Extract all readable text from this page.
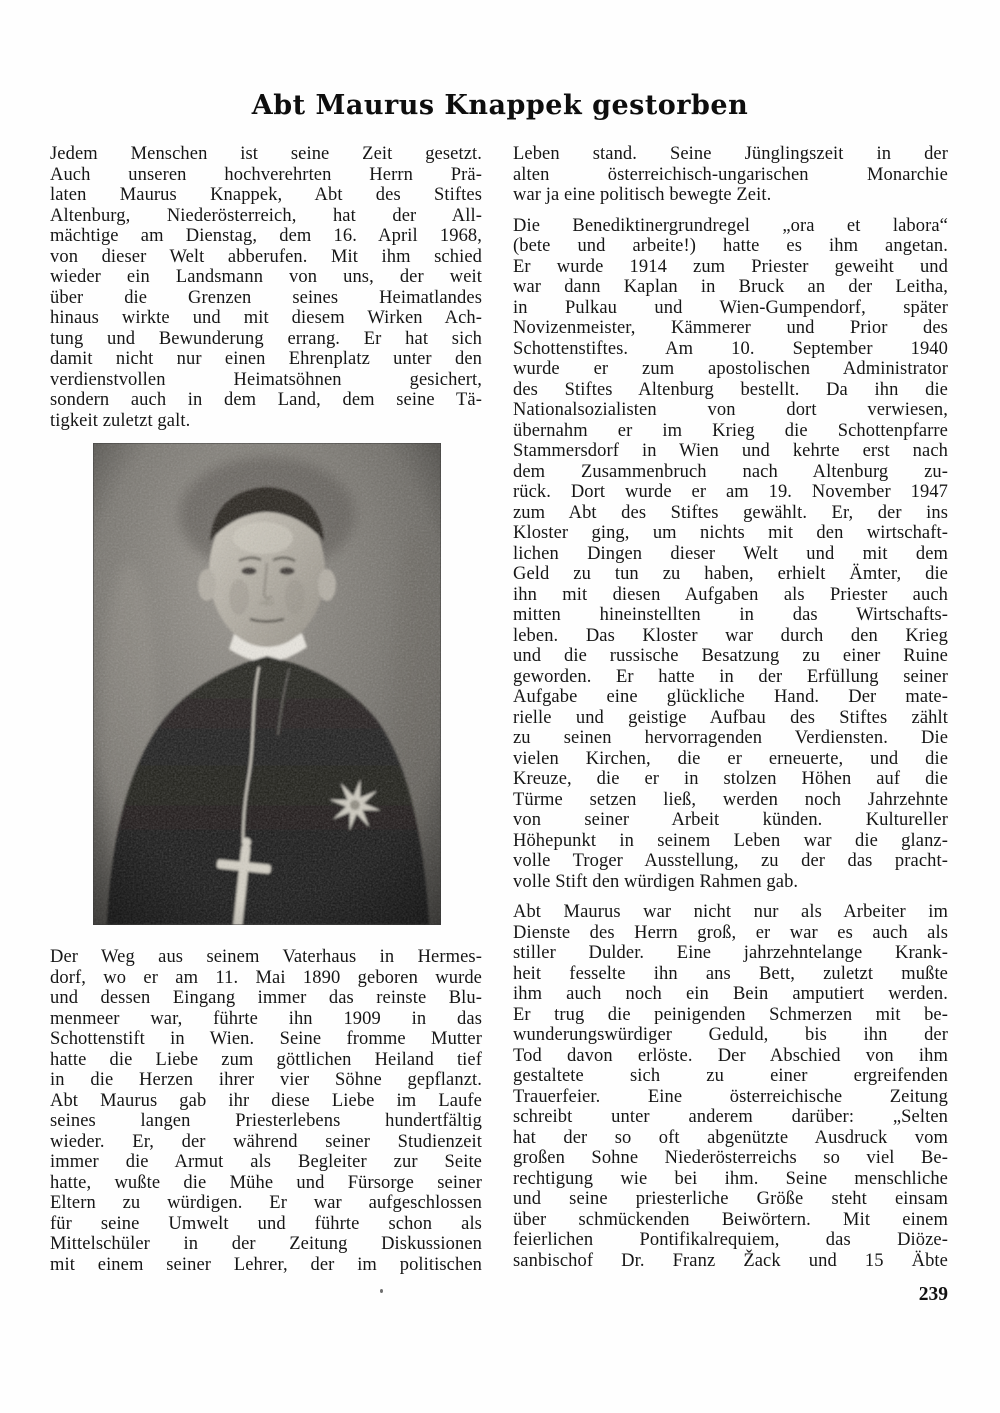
Abt Maurus Knappek gestorben
Jedem Menschen ist seine Zeit gesetzt.
Auch unseren hochverehrten Herrn Prä-
laten Maurus Knappek, Abt des Stiftes
Altenburg, Niederösterreich, hat der All-
mächtige am Dienstag, dem 16. April 1968,
von dieser Welt abberufen. Mit ihm schied
wieder ein Landsmann von uns, der weit
über die Grenzen seines Heimatlandes
hinaus wirkte und mit diesem Wirken Ach-
tung und Bewunderung errang. Er hat sich
damit nicht nur einen Ehrenplatz unter den
verdienstvollen Heimatsöhnen gesichert,
sondern auch in dem Land, dem seine Tä-
tigkeit zuletzt galt.
Der Weg aus seinem Vaterhaus in Hermes-
dorf, wo er am 11. Mai 1890 geboren wurde
und dessen Eingang immer das reinste Blu-
menmeer war, führte ihn 1909 in das
Schottenstift in Wien. Seine fromme Mutter
hatte die Liebe zum göttlichen Heiland tief
in die Herzen ihrer vier Söhne gepflanzt.
Abt Maurus gab ihr diese Liebe im Laufe
seines langen Priesterlebens hundertfältig
wieder. Er, der während seiner Studienzeit
immer die Armut als Begleiter zur Seite
hatte, wußte die Mühe und Fürsorge seiner
Eltern zu würdigen. Er war aufgeschlossen
für seine Umwelt und führte schon als
Mittelschüler in der Zeitung Diskussionen
mit einem seiner Lehrer, der im politischen
Leben stand. Seine Jünglingszeit in der
alten österreichisch-ungarischen Monarchie
war ja eine politisch bewegte Zeit.
Die Benediktinergrundregel „ora et labora“
(bete und arbeite!) hatte es ihm angetan.
Er wurde 1914 zum Priester geweiht und
war dann Kaplan in Bruck an der Leitha,
in Pulkau und Wien-Gumpendorf, später
Novizenmeister, Kämmerer und Prior des
Schottenstiftes. Am 10. September 1940
wurde er zum apostolischen Administrator
des Stiftes Altenburg bestellt. Da ihn die
Nationalsozialisten von dort verwiesen,
übernahm er im Krieg die Schottenpfarre
Stammersdorf in Wien und kehrte erst nach
dem Zusammenbruch nach Altenburg zu-
rück. Dort wurde er am 19. November 1947
zum Abt des Stiftes gewählt. Er, der ins
Kloster ging, um nichts mit den wirtschaft-
lichen Dingen dieser Welt und mit dem
Geld zu tun zu haben, erhielt Ämter, die
ihn mit diesen Aufgaben als Priester auch
mitten hineinstellten in das Wirtschafts-
leben. Das Kloster war durch den Krieg
und die russische Besatzung zu einer Ruine
geworden. Er hatte in der Erfüllung seiner
Aufgabe eine glückliche Hand. Der mate-
rielle und geistige Aufbau des Stiftes zählt
zu seinen hervorragenden Verdiensten. Die
vielen Kirchen, die er erneuerte, und die
Kreuze, die er in stolzen Höhen auf die
Türme setzen ließ, werden noch Jahrzehnte
von seiner Arbeit künden. Kultureller
Höhepunkt in seinem Leben war die glanz-
volle Troger Ausstellung, zu der das pracht-
volle Stift den würdigen Rahmen gab.
Abt Maurus war nicht nur als Arbeiter im
Dienste des Herrn groß, er war es auch als
stiller Dulder. Eine jahrzehntelange Krank-
heit fesselte ihn ans Bett, zuletzt mußte
ihm auch noch ein Bein amputiert werden.
Er trug die peinigenden Schmerzen mit be-
wunderungswürdiger Geduld, bis ihn der
Tod davon erlöste. Der Abschied von ihm
gestaltete sich zu einer ergreifenden
Trauerfeier. Eine österreichische Zeitung
schreibt unter anderem darüber: „Selten
hat der so oft abgenützte Ausdruck vom
großen Sohne Niederösterreichs so viel Be-
rechtigung wie bei ihm. Seine menschliche
und seine priesterliche Größe steht einsam
über schmückenden Beiwörtern. Mit einem
feierlichen Pontifikalrequiem, das Diöze-
sanbischof Dr. Franz Žack und 15 Äbte
239
